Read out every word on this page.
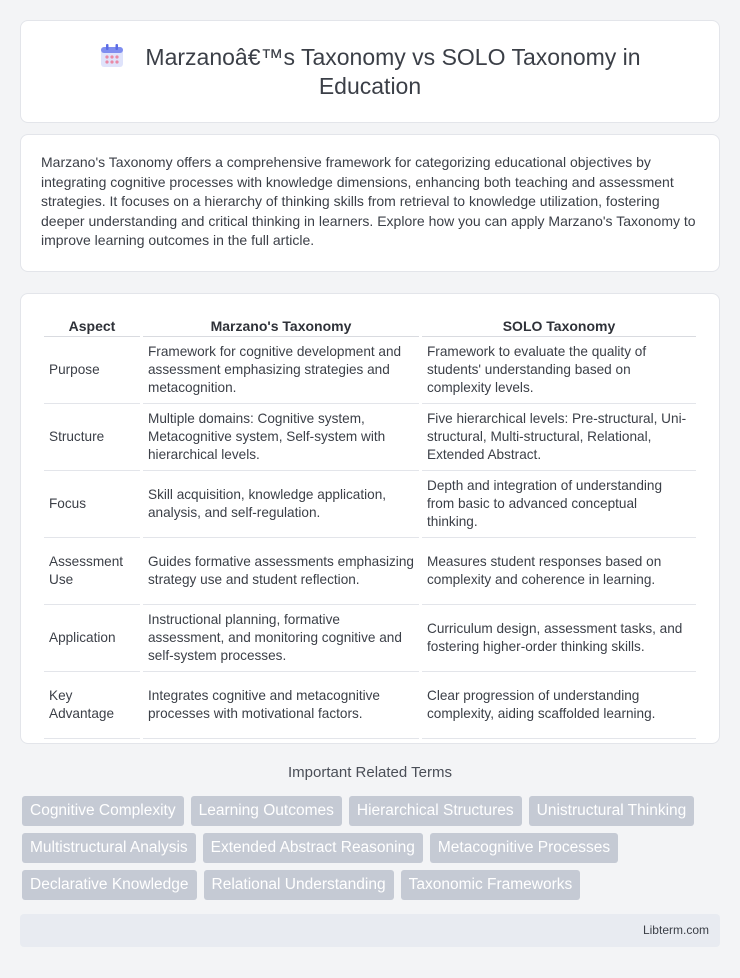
Marzanoâ€™s Taxonomy vs SOLO Taxonomy in Education

Marzano's Taxonomy offers a comprehensive framework for categorizing educational objectives by integrating cognitive processes with knowledge dimensions, enhancing both teaching and assessment strategies. It focuses on a hierarchy of thinking skills from retrieval to knowledge utilization, fostering deeper understanding and critical thinking in learners. Explore how you can apply Marzano's Taxonomy to improve learning outcomes in the full article.

Aspect	Marzano's Taxonomy	SOLO Taxonomy
Purpose	Framework for cognitive development and assessment emphasizing strategies and metacognition.	Framework to evaluate the quality of students' understanding based on complexity levels.
Structure	Multiple domains: Cognitive system, Metacognitive system, Self-system with hierarchical levels.	Five hierarchical levels: Pre-structural, Uni-structural, Multi-structural, Relational, Extended Abstract.
Focus	Skill acquisition, knowledge application, analysis, and self-regulation.	Depth and integration of understanding from basic to advanced conceptual thinking.
Assessment Use	Guides formative assessments emphasizing strategy use and student reflection.	Measures student responses based on complexity and coherence in learning.
Application	Instructional planning, formative assessment, and monitoring cognitive and self-system processes.	Curriculum design, assessment tasks, and fostering higher-order thinking skills.
Key Advantage	Integrates cognitive and metacognitive processes with motivational factors.	Clear progression of understanding complexity, aiding scaffolded learning.
Important Related Terms
Cognitive Complexity	Learning Outcomes	Hierarchical Structures	Unistructural Thinking
Multistructural Analysis	Extended Abstract Reasoning	Metacognitive Processes
Declarative Knowledge	Relational Understanding	Taxonomic Frameworks
Libterm.com
